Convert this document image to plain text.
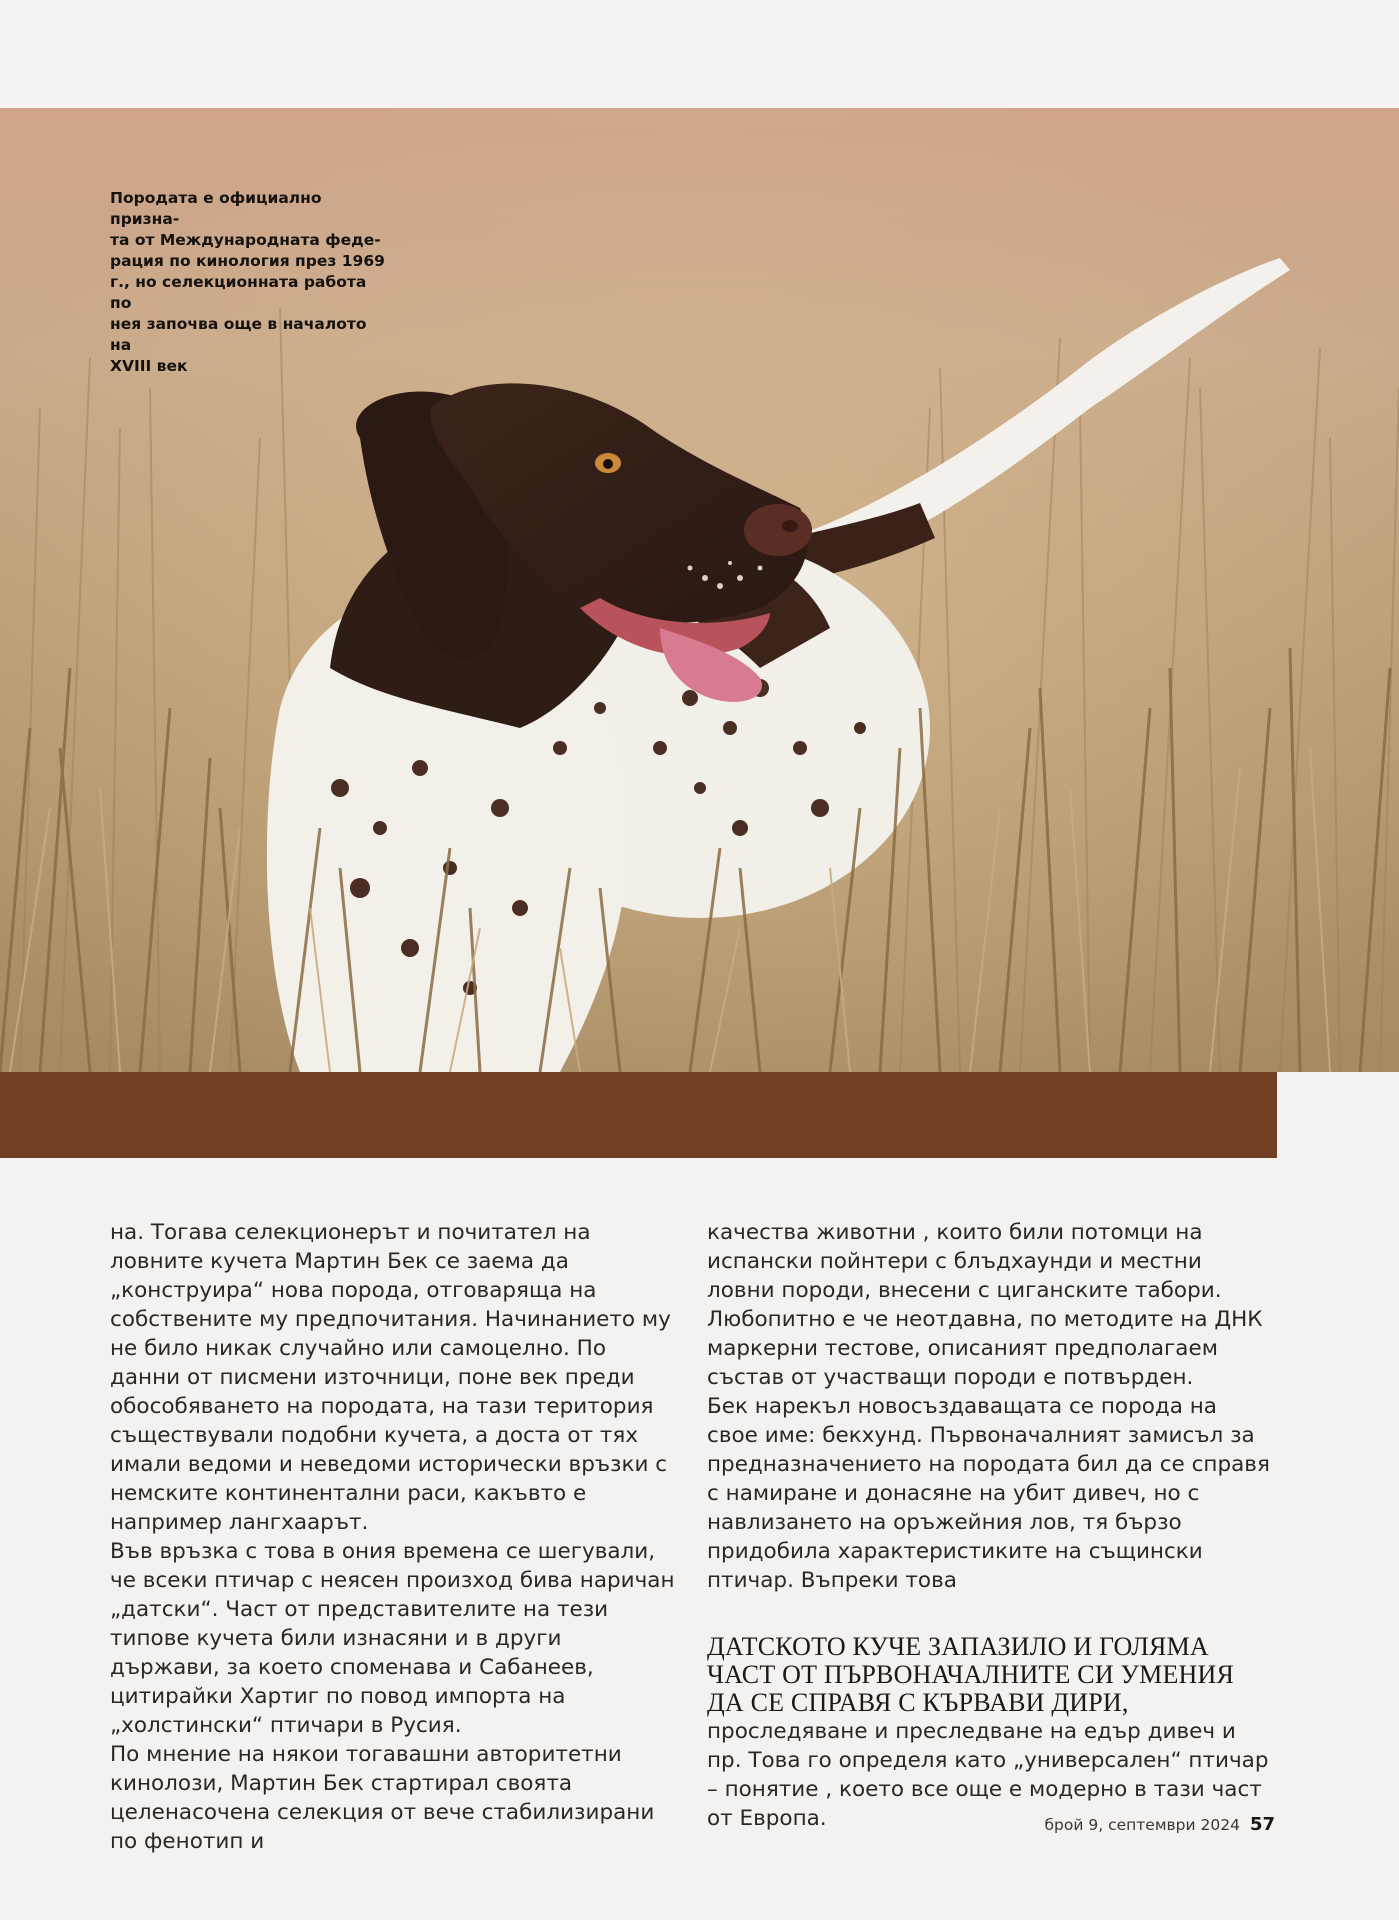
Породата е официално призна-
та от Международната феде-
рация по кинология през 1969
г., но селекционната работа по
нея започва още в началото на
XVIII век

на. Тогава селекционерът и почитател на ловните кучета Мартин Бек се заема да „конструира“ нова порода, отговаряща на собствените му предпочитания. Начинанието му не било никак случайно или самоцелно. По данни от писмени източници, поне век преди обособяването на породата, на тази територия съществували подобни кучета, а доста от тях имали ведоми и неведоми исторически връзки с немските континентални раси, какъвто е например лангхаарът.

Във връзка с това в ония времена се шегували, че всеки птичар с неясен произход бива наричан „датски“. Част от представителите на тези типове кучета били изнасяни и в други държави, за което споменава и Сабанеев, цитирайки Хартиг по повод импорта на „холстински“ птичари в Русия.

По мнение на някои тогавашни авторитетни кинолози, Мартин Бек стартирал своята целенасочена селекция от вече стабилизирани по фенотип и

качества животни , които били потомци на испански пойнтери с блъдхаунди и местни ловни породи, внесени с циганските табори.

Любопитно е че неотдавна, по методите на ДНК маркерни тестове, описаният предполагаем състав от участващи породи е потвърден.

Бек нарекъл новосъздаващата се порода на свое име: бекхунд. Първоначалният замисъл за предназначението на породата бил да се справя с намиране и донасяне на убит дивеч, но с навлизането на оръжейния лов, тя бързо придобила характеристиките на същински птичар. Въпреки това

ДАТСКОТО КУЧЕ ЗАПАЗИЛО И ГОЛЯМА ЧАСТ ОТ ПЪРВОНАЧАЛНИТЕ СИ УМЕНИЯ ДА СЕ СПРАВЯ С КЪРВАВИ ДИРИ,

проследяване и преследване на едър дивеч и пр. Това го определя като „универсален“ птичар – понятие , което все още е модерно в тази част от Европа.	брой 9, септември 2024 57
